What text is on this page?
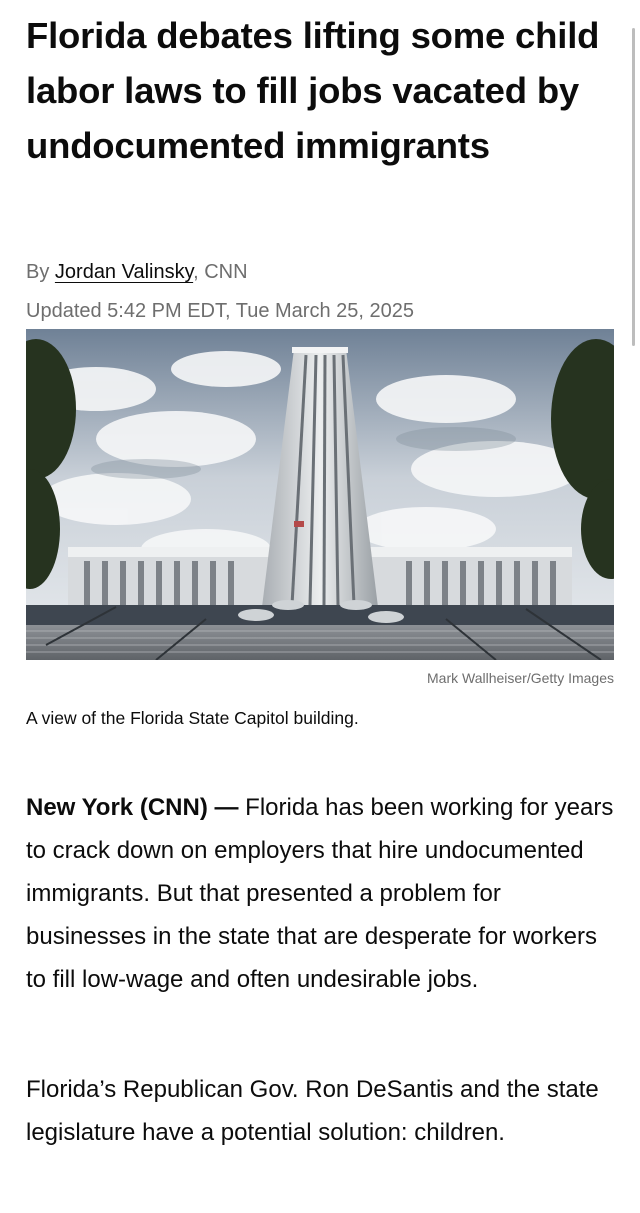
Florida debates lifting some child labor laws to fill jobs vacated by undocumented immigrants
By Jordan Valinsky, CNN
Updated 5:42 PM EDT, Tue March 25, 2025
Mark Wallheiser/Getty Images
A view of the Florida State Capitol building.

New York (CNN) — Florida has been working for years to crack down on employers that hire undocumented immigrants. But that presented a problem for businesses in the state that are desperate for workers to fill low-wage and often undesirable jobs.

Florida’s Republican Gov. Ron DeSantis and the state legislature have a potential solution: children.
